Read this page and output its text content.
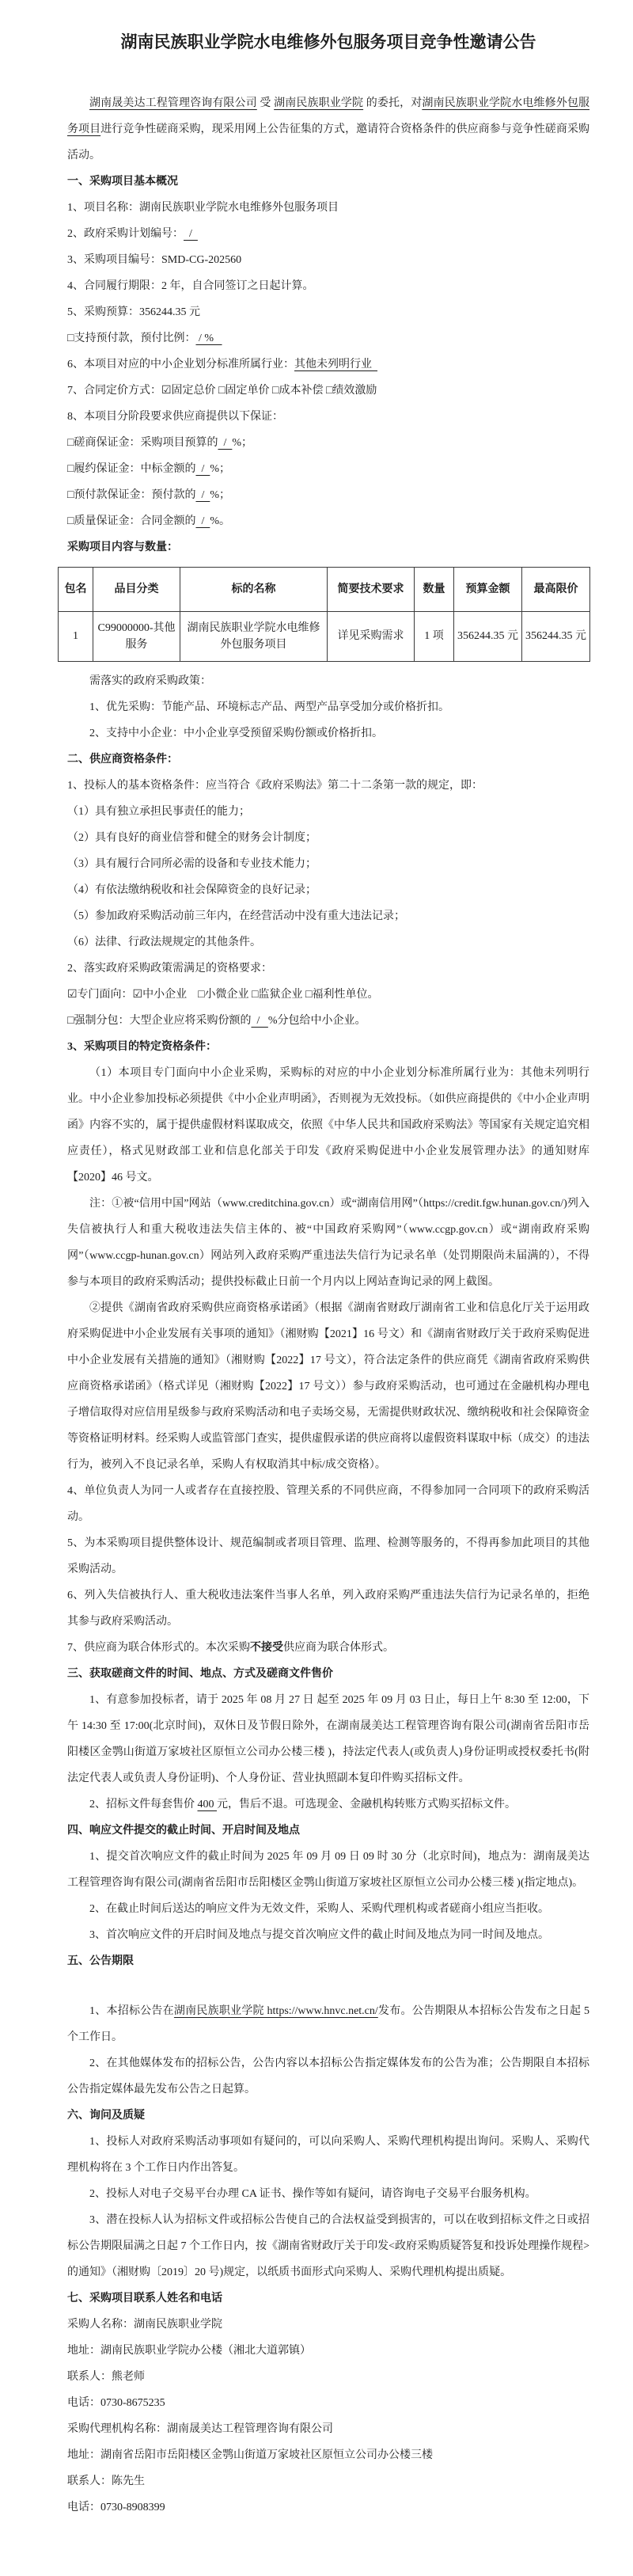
湖南民族职业学院水电维修外包服务项目竞争性邀请公告

湖南晟美达工程管理咨询有限公司 受 湖南民族职业学院 的委托，对湖南民族职业学院水电维修外包服务项目进行竞争性磋商采购，现采用网上公告征集的方式，邀请符合资格条件的供应商参与竞争性磋商采购活动。

一、采购项目基本概况

1、项目名称：湖南民族职业学院水电维修外包服务项目

2、政府采购计划编号：  /

3、采购项目编号：SMD-CG-202560

4、合同履行期限：2 年，自合同签订之日起计算。

5、采购预算：356244.35 元

□支持预付款，预付比例： / %

6、本项目对应的中小企业划分标准所属行业：其他未列明行业

7、合同定价方式：☑固定总价 □固定单价 □成本补偿 □绩效激励

8、本项目分阶段要求供应商提供以下保证：

□磋商保证金：采购项目预算的  /  %；

□履约保证金：中标金额的  /  %；

□预付款保证金：预付款的  /  %；

□质量保证金：合同金额的  /  %。

采购项目内容与数量：

包名	品目分类	标的名称	简要技术要求	数量	预算金额	最高限价
1	C99000000-其他服务	湖南民族职业学院水电维修外包服务项目	详见采购需求	1 项	356244.35 元	356244.35 元

需落实的政府采购政策：

1、优先采购：节能产品、环境标志产品、两型产品享受加分或价格折扣。

2、支持中小企业：中小企业享受预留采购份额或价格折扣。

二、供应商资格条件：

1、投标人的基本资格条件：应当符合《政府采购法》第二十二条第一款的规定，即：

（1）具有独立承担民事责任的能力；

（2）具有良好的商业信誉和健全的财务会计制度；

（3）具有履行合同所必需的设备和专业技术能力；

（4）有依法缴纳税收和社会保障资金的良好记录；

（5）参加政府采购活动前三年内，在经营活动中没有重大违法记录；

（6）法律、行政法规规定的其他条件。

2、落实政府采购政策需满足的资格要求：

☑专门面向：☑中小企业　□小微企业 □监狱企业 □福利性单位。

□强制分包：大型企业应将采购份额的  /   %分包给中小企业。

3、采购项目的特定资格条件：

（1）本项目专门面向中小企业采购，采购标的对应的中小企业划分标准所属行业为：其他未列明行业。中小企业参加投标必须提供《中小企业声明函》，否则视为无效投标。（如供应商提供的《中小企业声明函》内容不实的，属于提供虚假材料谋取成交，依照《中华人民共和国政府采购法》等国家有关规定追究相应责任），格式见财政部工业和信息化部关于印发《政府采购促进中小企业发展管理办法》的通知财库【2020】46 号文。

注：①被“信用中国”网站（www.creditchina.gov.cn）或“湖南信用网”（https://credit.fgw.hunan.gov.cn/)列入失信被执行人和重大税收违法失信主体的、被“中国政府采购网”（www.ccgp.gov.cn）或“湖南政府采购网”（www.ccgp-hunan.gov.cn）网站列入政府采购严重违法失信行为记录名单（处罚期限尚未届满的），不得参与本项目的政府采购活动；提供投标截止日前一个月内以上网站查询记录的网上截图。

②提供《湖南省政府采购供应商资格承诺函》（根据《湖南省财政厅湖南省工业和信息化厅关于运用政府采购促进中小企业发展有关事项的通知》（湘财购【2021】16 号文）和《湖南省财政厅关于政府采购促进中小企业发展有关措施的通知》（湘财购【2022】17 号文），符合法定条件的供应商凭《湖南省政府采购供应商资格承诺函》（格式详见（湘财购【2022】17 号文））参与政府采购活动，也可通过在金融机构办理电子增信取得对应信用星级参与政府采购活动和电子卖场交易，无需提供财政状况、缴纳税收和社会保障资金等资格证明材料。经采购人或监管部门查实，提供虚假承诺的供应商将以虚假资料谋取中标（成交）的违法行为，被列入不良记录名单，采购人有权取消其中标/成交资格）。

4、单位负责人为同一人或者存在直接控股、管理关系的不同供应商，不得参加同一合同项下的政府采购活动。

5、为本采购项目提供整体设计、规范编制或者项目管理、监理、检测等服务的，不得再参加此项目的其他采购活动。

6、列入失信被执行人、重大税收违法案件当事人名单，列入政府采购严重违法失信行为记录名单的，拒绝其参与政府采购活动。

7、供应商为联合体形式的。本次采购不接受供应商为联合体形式。

三、获取磋商文件的时间、地点、方式及磋商文件售价

1、有意参加投标者，请于 2025 年 08 月 27 日 起至 2025 年 09 月 03 日止，每日上午 8:30 至 12:00，下午 14:30 至 17:00(北京时间)，双休日及节假日除外，在湖南晟美达工程管理咨询有限公司(湖南省岳阳市岳阳楼区金鹗山街道万家坡社区原恒立公司办公楼三楼 )，持法定代表人(或负责人)身份证明或授权委托书(附法定代表人或负责人身份证明)、个人身份证、营业执照副本复印件购买招标文件。

2、招标文件每套售价 400 元，售后不退。可选现金、金融机构转账方式购买招标文件。

四、响应文件提交的截止时间、开启时间及地点

1、提交首次响应文件的截止时间为 2025 年 09 月 09 日 09 时 30 分（北京时间)，地点为：湖南晟美达工程管理咨询有限公司(湖南省岳阳市岳阳楼区金鹗山街道万家坡社区原恒立公司办公楼三楼 )(指定地点)。

2、在截止时间后送达的响应文件为无效文件，采购人、采购代理机构或者磋商小组应当拒收。

3、首次响应文件的开启时间及地点与提交首次响应文件的截止时间及地点为同一时间及地点。

五、公告期限

1、本招标公告在湖南民族职业学院 https://www.hnvc.net.cn/发布。公告期限从本招标公告发布之日起 5 个工作日。

2、在其他媒体发布的招标公告，公告内容以本招标公告指定媒体发布的公告为准；公告期限自本招标公告指定媒体最先发布公告之日起算。

六、询问及质疑

1、投标人对政府采购活动事项如有疑问的，可以向采购人、采购代理机构提出询问。采购人、采购代理机构将在 3 个工作日内作出答复。

2、投标人对电子交易平台办理 CA 证书、操作等如有疑问，请咨询电子交易平台服务机构。

3、潜在投标人认为招标文件或招标公告使自己的合法权益受到损害的，可以在收到招标文件之日或招标公告期限届满之日起 7 个工作日内，按《湖南省财政厅关于印发<政府采购质疑答复和投诉处理操作规程>的通知》（湘财购〔2019〕20 号)规定，以纸质书面形式向采购人、采购代理机构提出质疑。

七、采购项目联系人姓名和电话

采购人名称：湖南民族职业学院

地址：湖南民族职业学院办公楼（湘北大道郭镇）

联系人：熊老师

电话：0730-8675235

采购代理机构名称：湖南晟美达工程管理咨询有限公司

地址：湖南省岳阳市岳阳楼区金鹗山街道万家坡社区原恒立公司办公楼三楼

联系人：陈先生

电话：0730-8908399
